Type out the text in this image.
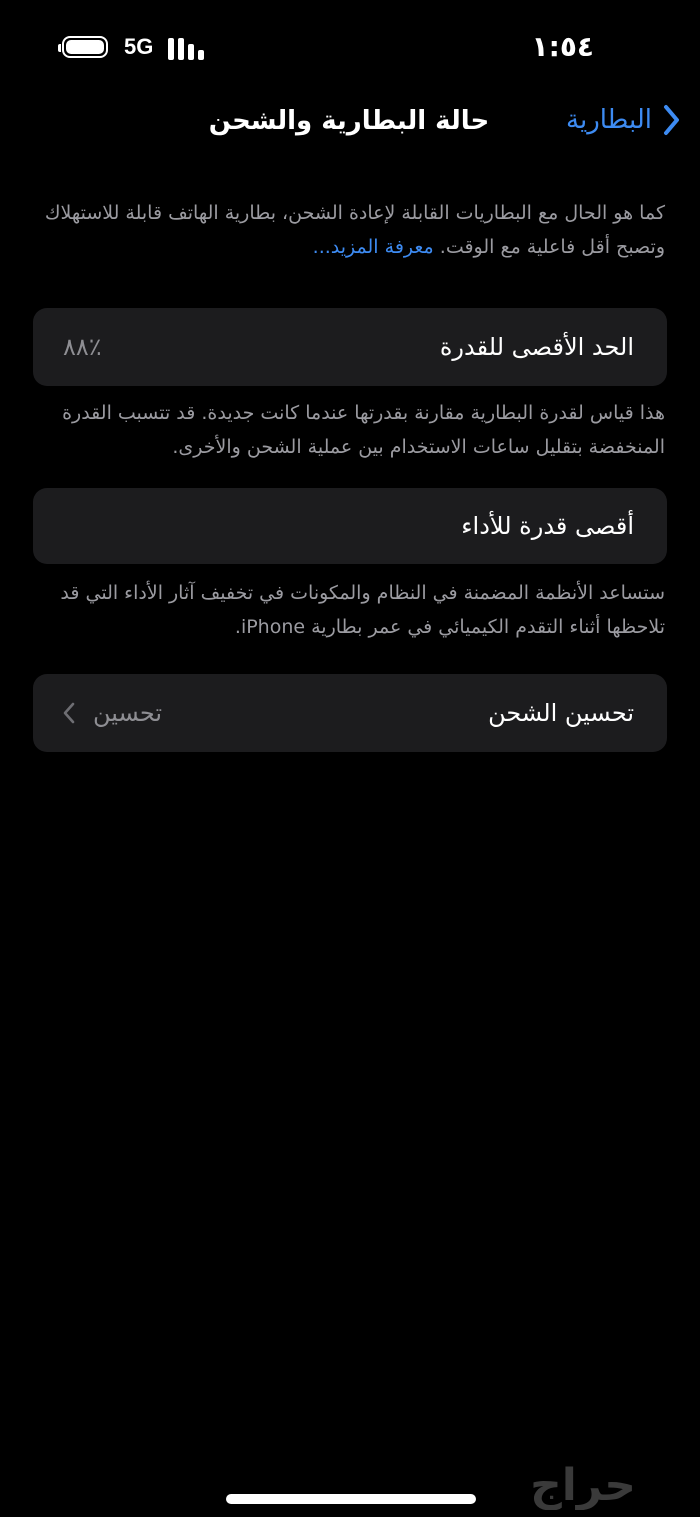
5G	١:٥٤
حالة البطارية والشحن	البطارية

كما هو الحال مع البطاريات القابلة لإعادة الشحن، بطارية الهاتف قابلة للاستهلاك وتصبح أقل فاعلية مع الوقت. معرفة المزيد...

الحد الأقصى للقدرة
٪٨٨

هذا قياس لقدرة البطارية مقارنة بقدرتها عندما كانت جديدة. قد تتسبب القدرة المنخفضة بتقليل ساعات الاستخدام بين عملية الشحن والأخرى.

أقصى قدرة للأداء

ستساعد الأنظمة المضمنة في النظام والمكونات في تخفيف آثار الأداء التي قد تلاحظها أثناء التقدم الكيميائي في عمر بطارية iPhone.

تحسين الشحن
تحسين
حراج
